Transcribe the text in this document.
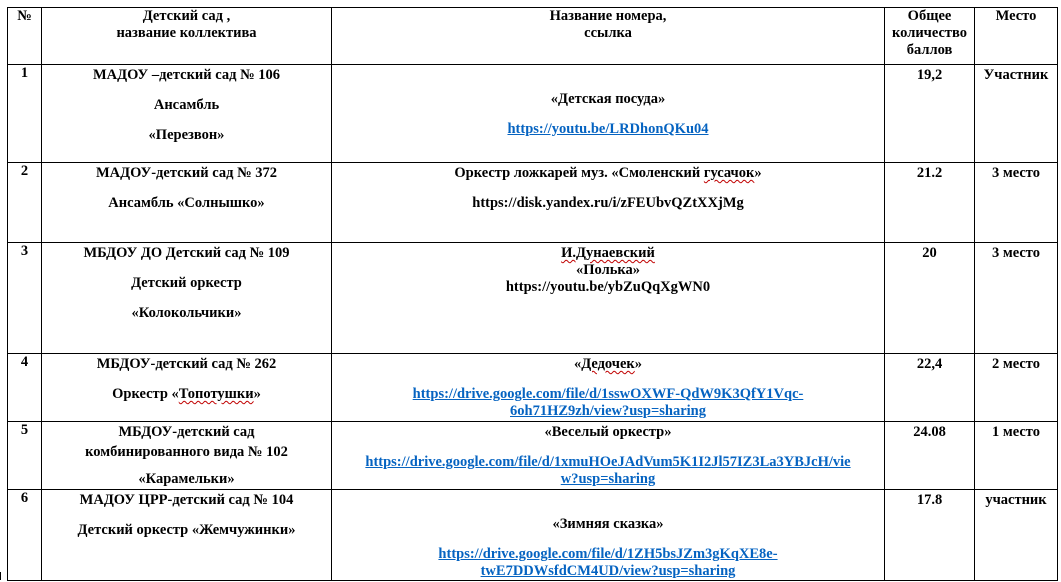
№	Детский сад ,
название коллектива	Название номера,
ссылка	Общее
количество
баллов	Место
1	МАДОУ –детский сад № 106
Ансамбль
«Перезвон»	«Детская посуда»
https://youtu.be/LRDhonQKu04	19,2	Участник
2	МАДОУ-детский сад № 372
Ансамбль «Солнышко»	Оркестр ложкарей муз. «Смоленский гусачок»
https://disk.yandex.ru/i/zFEUbvQZtXXjMg	21.2	3 место
3	МБДОУ ДО Детский сад № 109
Детский оркестр
«Колокольчики»	И.Дунаевский
«Полька»
https://youtu.be/ybZuQqXgWN0	20	3 место
4	МБДОУ-детский сад № 262
Оркестр «Топотушки»	«Дедочек»
https://drive.google.com/file/d/1sswOXWF-QdW9K3QfY1Vqc-
6oh71HZ9zh/view?usp=sharing	22,4	2 место
5	МБДОУ-детский сад
комбинированного вида № 102
«Карамельки»	«Веселый оркестр»
https://drive.google.com/file/d/1xmuHOeJAdVum5K1I2Jl57IZ3La3YBJcH/vie
w?usp=sharing	24.08	1 место
6	МАДОУ ЦРР-детский сад № 104
Детский оркестр «Жемчужинки»	«Зимняя сказка»
https://drive.google.com/file/d/1ZH5bsJZm3gKqXE8e-
twE7DDWsfdCM4UD/view?usp=sharing	17.8	участник
